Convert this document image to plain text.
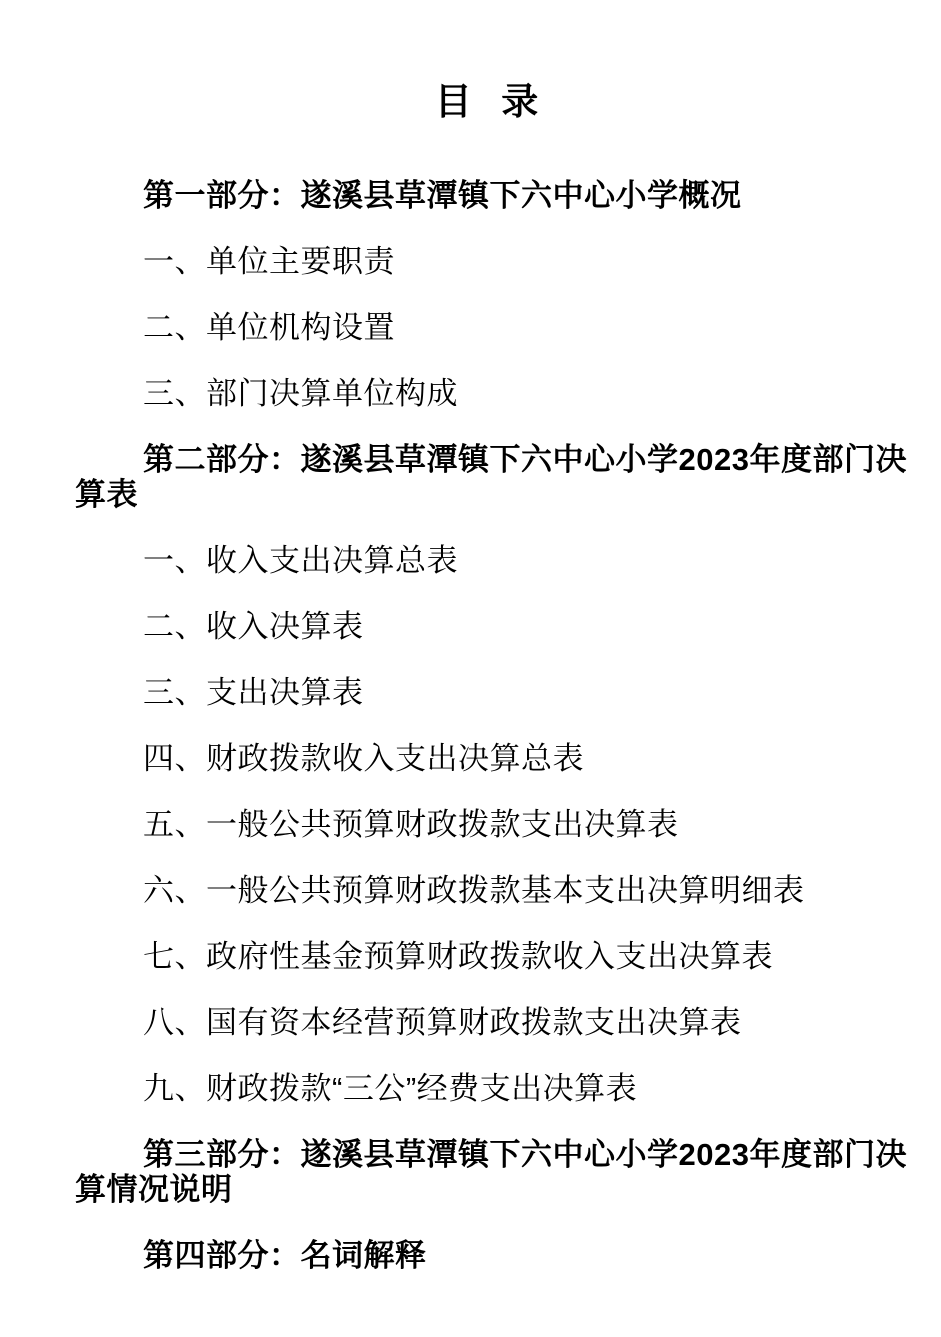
目  录

第一部分：遂溪县草潭镇下六中心小学概况

一、单位主要职责

二、单位机构设置

三、部门决算单位构成

第二部分：遂溪县草潭镇下六中心小学2023年度部门决
算表

一、收入支出决算总表

二、收入决算表

三、支出决算表

四、财政拨款收入支出决算总表

五、一般公共预算财政拨款支出决算表

六、一般公共预算财政拨款基本支出决算明细表

七、政府性基金预算财政拨款收入支出决算表

八、国有资本经营预算财政拨款支出决算表

九、财政拨款“三公”经费支出决算表

第三部分：遂溪县草潭镇下六中心小学2023年度部门决
算情况说明

第四部分：名词解释
